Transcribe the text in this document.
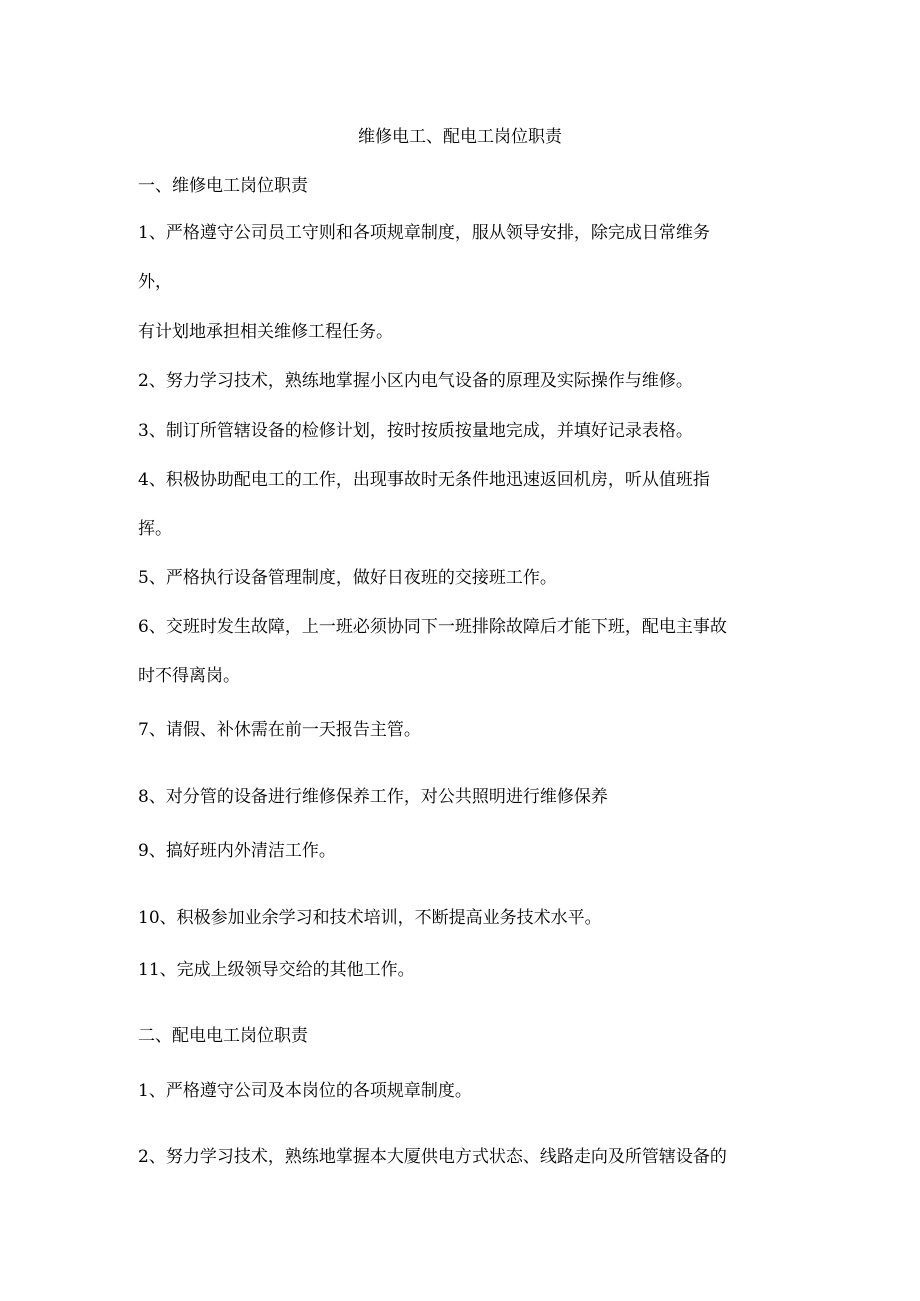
维修电工、配电工岗位职责
一、维修电工岗位职责
1、严格遵守公司员工守则和各项规章制度，服从领导安排，除完成日常维务
外，
有计划地承担相关维修工程任务。
2、努力学习技术，熟练地掌握小区内电气设备的原理及实际操作与维修。
3、制订所管辖设备的检修计划，按时按质按量地完成，并填好记录表格。
4、积极协助配电工的工作，出现事故时无条件地迅速返回机房，听从值班指
挥。
5、严格执行设备管理制度，做好日夜班的交接班工作。
6、交班时发生故障，上一班必须协同下一班排除故障后才能下班，配电主事故
时不得离岗。
7、请假、补休需在前一天报告主管。
8、对分管的设备进行维修保养工作，对公共照明进行维修保养
9、搞好班内外清洁工作。
10、积极参加业余学习和技术培训，不断提高业务技术水平。
11、完成上级领导交给的其他工作。
二、配电电工岗位职责
1、严格遵守公司及本岗位的各项规章制度。
2、努力学习技术，熟练地掌握本大厦供电方式状态、线路走向及所管辖设备的
